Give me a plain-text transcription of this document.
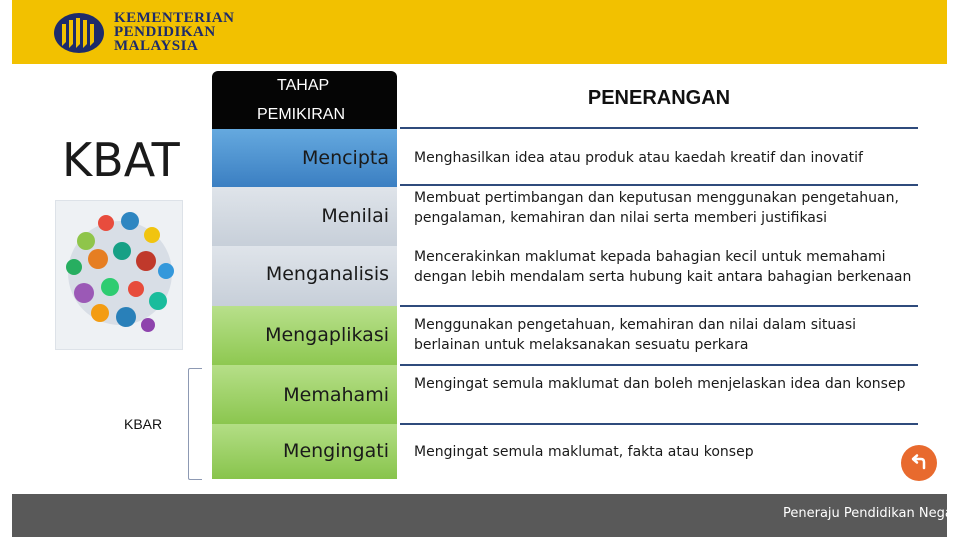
KEMENTERIAN
PENDIDIKAN
MALAYSIA
KBAT
KBAR
TAHAP
PEMIKIRAN
PENERANGAN
Mencipta
Menilai
Menganalisis
Mengaplikasi
Memahami
Mengingati
Menghasilkan idea atau produk atau kaedah kreatif dan inovatif
Membuat pertimbangan dan keputusan menggunakan pengetahuan, pengalaman, kemahiran dan nilai serta memberi justifikasi
Mencerakinkan maklumat kepada bahagian kecil untuk memahami dengan lebih mendalam serta hubung kait antara bahagian berkenaan
Menggunakan pengetahuan, kemahiran dan nilai dalam situasi berlainan untuk melaksanakan sesuatu perkara
Mengingat semula maklumat dan boleh menjelaskan idea dan konsep
Mengingat semula maklumat, fakta atau konsep
Peneraju Pendidikan Negara
